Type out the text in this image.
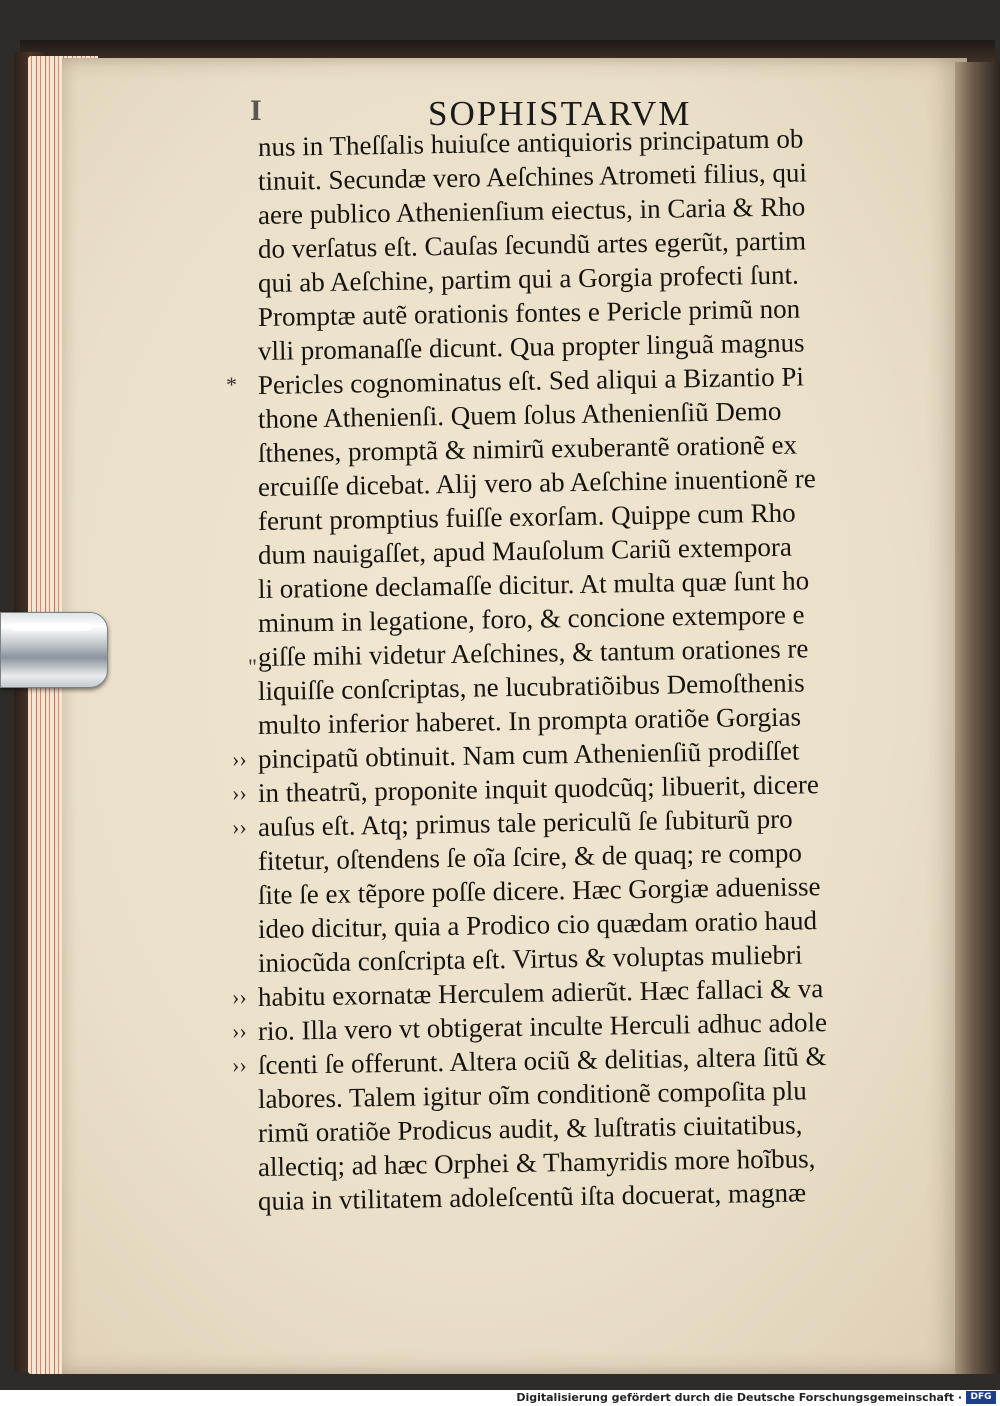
I	SOPHISTARVM
*
"
nus in Theſſalis huiuſce antiquioris principatum ob
tinuit. Secundæ vero Aeſchines Atrometi filius, qui
aere publico Athenienſium eiectus, in Caria & Rho
do verſatus eſt. Cauſas ſecundũ artes egerũt, partim
qui ab Aeſchine, partim qui a Gorgia profecti ſunt.
Promptæ autẽ orationis fontes e Pericle primũ non
vlli promanaſſe dicunt. Qua propter linguã magnus
Pericles cognominatus eſt. Sed aliqui a Bizantio Pi
thone Athenienſi. Quem ſolus Athenienſiũ Demo
ſthenes, promptã & nimirũ exuberantẽ orationẽ ex
ercuiſſe dicebat. Alij vero ab Aeſchine inuentionẽ re
ferunt promptius fuiſſe exorſam. Quippe cum Rho
dum nauigaſſet, apud Mauſolum Cariũ extempora
li oratione declamaſſe dicitur. At multa quæ ſunt ho
minum in legatione, foro, & concione extempore e
giſſe mihi videtur Aeſchines, & tantum orationes re
liquiſſe conſcriptas, ne lucubratiõibus Demoſthenis
multo inferior haberet. In prompta oratiõe Gorgias
›› pincipatũ obtinuit. Nam cum Athenienſiũ prodiſſet
›› in theatrũ, proponite inquit quodcũq; libuerit, dicere
›› auſus eſt. Atq; primus tale periculũ ſe ſubiturũ pro
fitetur, oſtendens ſe oĩa ſcire, & de quaq; re compo
ſite ſe ex tẽpore poſſe dicere. Hæc Gorgiæ aduenisse
ideo dicitur, quia a Prodico cio quædam oratio haud
iniocũda conſcripta eſt. Virtus & voluptas muliebri
›› habitu exornatæ Herculem adierũt. Hæc fallaci & va
›› rio. Illa vero vt obtigerat inculte Herculi adhuc adole
›› ſcenti ſe offerunt. Altera ociũ & delitias, altera ſitũ &
labores. Talem igitur oĩm conditionẽ compoſita plu
rimũ oratiõe Prodicus audit, & luſtratis ciuitatibus,
allectiq; ad hæc Orphei & Thamyridis more hoĩbus,
quia in vtilitatem adoleſcentũ iſta docuerat, magnæ
Digitalisierung gefördert durch die Deutsche Forschungsgemeinschaft · DFG
